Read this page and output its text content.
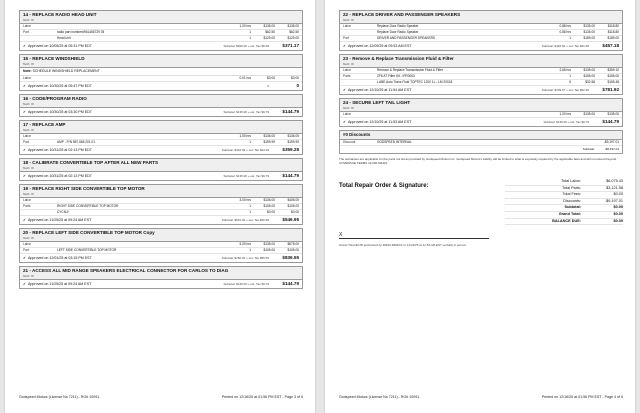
14 - REPLACE RADIO HEAD UNIT
Tech: IX
Labor	1.00 hrs	$135.00	$135.00
Part	radio part number#961465729 05	1	$62.50	$62.50
Head unit	1	$129.00	$129.00
✓ Approved on 10/05/25 at 05:31 PM EDT	Subtotal: $366.00 + est. Tax $5.66	$371.17
15 - REPLACE WINDSHIELD
Tech: IX
Note: SCHEDULE WINDSHIELD REPLACEMENT
Labor	0.01 hrs	$0.00	$0.00
✓ Approved on 10/30/25 at 05:47 PM EDT	0	0
16 - CODE/PROGRAM RADIO
Tech: IX
✓ Approved on 10/30/25 at 03:30 PM EDT	Subtotal: $135.00 + est. Tax $9.79	$144.79
17 - REPLACE AMP
Tech: IX
Labor	1.00 hrs	$135.00	$135.00
Part	AMP - P/N 987.665.201.01	1	$199.99	$199.99
✓ Approved on 10/31/25 at 02:13 PM EDT	Subtotal: $334.99 + est. Tax $24.29	$359.28
18 - CALIBRATE CONVERTIBLE TOP AFTER ALL NEW PARTS
Tech: IX
✓ Approved on 10/31/25 at 02:13 PM EDT	Subtotal: $135.00 + est. Tax $9.79	$144.79
19 - REPLACE RIGHT SIDE CONVERTIBLE TOP MOTOR
Tech: IX
Labor	3.00 hrs	$135.00	$405.00
Parts	RIGHT SIDE CONVERTIBLE TOP MOTOR	1	$105.00	$105.00
CYCNJI	1	$0.00	$0.00
✓ Approved on 11/25/25 at 09:24 AM EST	Subtotal: $510.00 + est. Tax $36.95	$546.95
20 - REPLACE LEFT SIDE CONVERTIBLE TOP MOTOR Copy
Tech: IX
Labor	5.00 hrs	$135.00	$675.00
Part	LEFT SIDE CONVERTIBLE TOP MOTOR	1	$105.00	$105.00
✓ Approved on 12/01/25 at 03:15 PM EST	Subtotal: $780.00 + est. Tax $56.55	$836.55
21 - ACCESS ALL MID RANGE SPEAKERS ELECTRICAL CONNECTOR FOR CARLOS TO DIAG
Tech: IX
✓ Approved on 11/25/25 at 09:24 AM EST	Subtotal: $135.00 + est. Tax $9.79	$144.79
Godspeed Motors (License No 7211) - RO# 10091	Printed on 12/16/25 at 01:56 PM EST - Page 3 of 5
22 - REPLACE DRIVER AND PASSENGER SPEAKERS
Tech: IX
Labor	Replace Door Radio Speaker	0.88 hrs	$135.00	$118.80
Replace Door Radio Speaker	0.88 hrs	$135.00	$118.80
Part	DRIVER AND PASSENGER SPEAKERS	1	$189.00	$189.00
✓ Approved on 12/09/25 at 09:53 AM EST	Subtotal: $426.60 + est. Tax $31.58	$457.18
23 - Remove & Replace Transmission Fluid & Filter
Tech: IX
Labor	Remove & Replace Transmission Fluid & Filter	2.66 hrs	$135.00	$359.10
Parts	ZF6 AT Filter Kit - IFR0003	1	$155.00	$155.00
LUBE Auto Trans Fluid TOPTEC 1200 1L - LM 20018	6	$32.58	$195.48
✓ Approved on 12/10/25 at 11:54 AM EST	Subtotal: $709.57 + est. Tax $52.35	$781.92
24 - SECURE LEFT TAIL LIGHT
Tech: IX
Labor	1.00 hrs	$135.00	$135.00
✓ Approved on 12/10/25 at 11:53 AM EST	Subtotal: $135.00 + est. Tax $9.79	$144.79
#0 Discounts
Discount	GODSPEED INTERNAL	-$9,197.01
Subtotal:	-$9,197.01
The warranties are applicable for the parts not list as provided by Godspeed Motors Inc. Godspeed Motors's liability will be limited to what is expressly required by the applicable laws and will not extend beyond COVERAGE TERMS 12,000 MILES.
Total Repair Order & Signature:
Total Labor:	$6,075.43
Total Parts:	$3,121.58
Total Fees:	$0.00
Discounts:	-$9,197.01
Subtotal:	$0.00
Grand Total:	$0.00
BALANCE DUE:	$0.00
X
Grand Total $0.00 authorized by ###10 ####19 on 12/16/25 at 11:53 AM EST verbally in person
Godspeed Motors (License No 7211) - RO# 10091	Printed on 12/16/25 at 01:56 PM EST - Page 4 of 5
